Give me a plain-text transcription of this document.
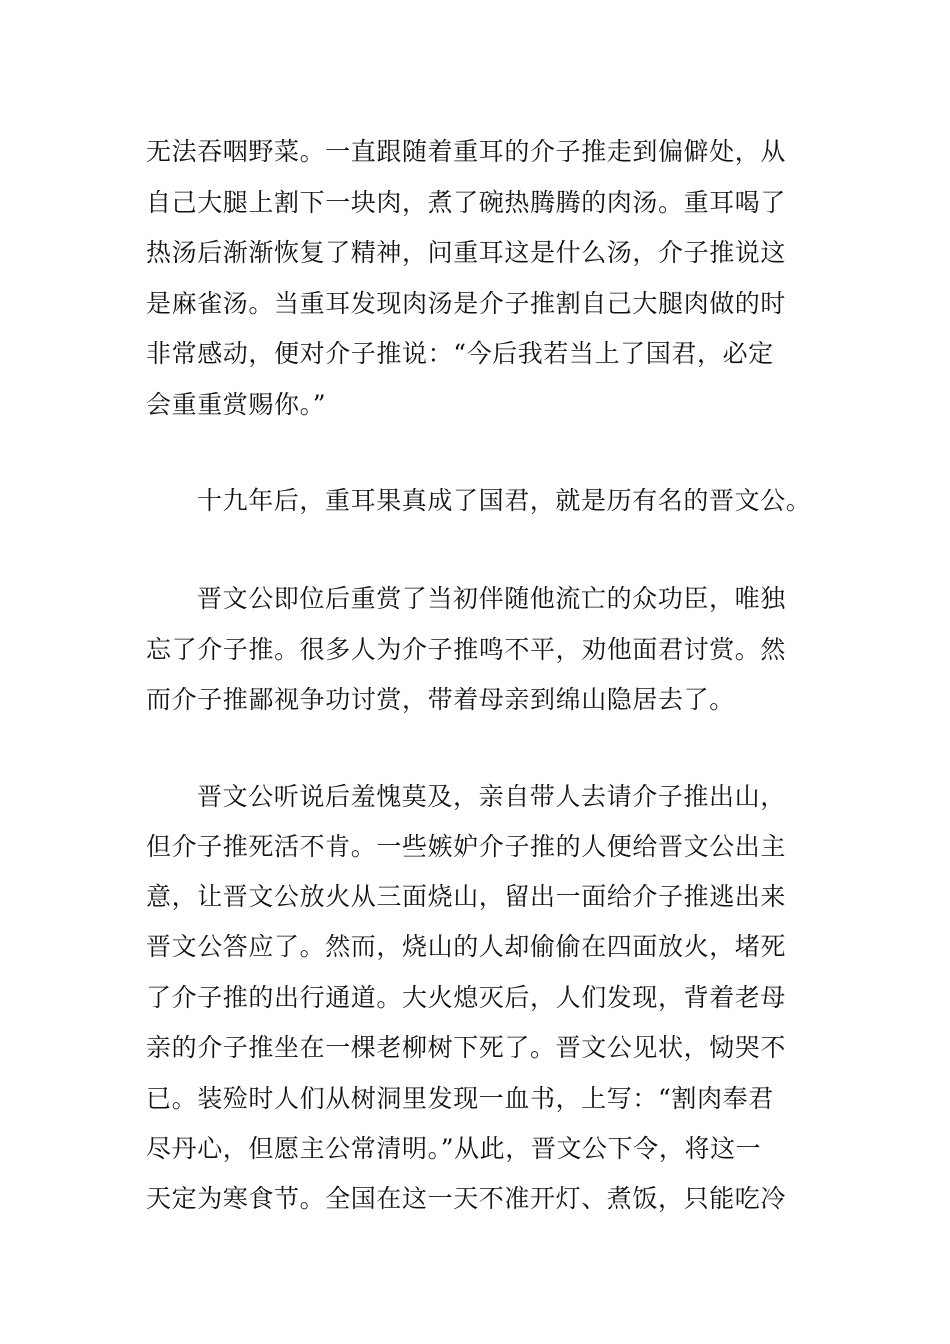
无法吞咽野菜。一直跟随着重耳的介子推走到偏僻处，从
自己大腿上割下一块肉，煮了碗热腾腾的肉汤。重耳喝了
热汤后渐渐恢复了精神，问重耳这是什么汤，介子推说这
是麻雀汤。当重耳发现肉汤是介子推割自己大腿肉做的时
非常感动，便对介子推说：“今后我若当上了国君，必定
会重重赏赐你。”
十九年后，重耳果真成了国君，就是历有名的晋文公。
晋文公即位后重赏了当初伴随他流亡的众功臣，唯独
忘了介子推。很多人为介子推鸣不平，劝他面君讨赏。然
而介子推鄙视争功讨赏，带着母亲到绵山隐居去了。
晋文公听说后羞愧莫及，亲自带人去请介子推出山，
但介子推死活不肯。一些嫉妒介子推的人便给晋文公出主
意，让晋文公放火从三面烧山，留出一面给介子推逃出来
晋文公答应了。然而，烧山的人却偷偷在四面放火，堵死
了介子推的出行通道。大火熄灭后，人们发现，背着老母
亲的介子推坐在一棵老柳树下死了。晋文公见状，恸哭不
已。装殓时人们从树洞里发现一血书，上写：“割肉奉君
尽丹心，但愿主公常清明。”从此，晋文公下令，将这一
天定为寒食节。全国在这一天不准开灯、煮饭，只能吃冷
